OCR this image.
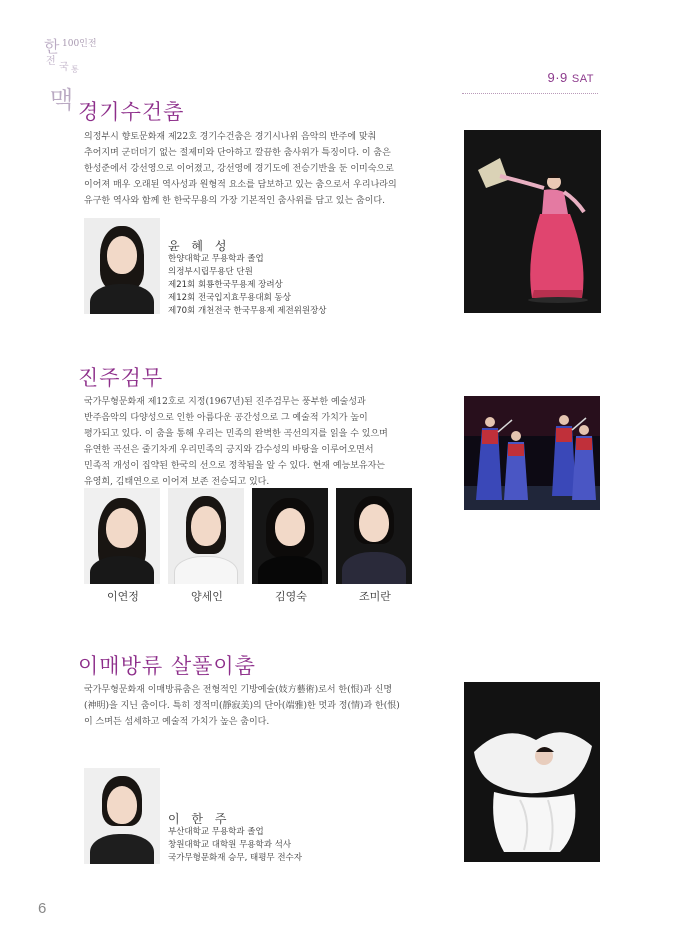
한 100인전
전
국 통
맥
9·9 SAT
경기수건춤
의정부시 향토문화재 제22호 경기수건춤은 경기시나위 음악의 반주에 맞춰
추어지며 군더더기 없는 절제미와 단아하고 깔끔한 춤사위가 특징이다. 이 춤은
한성준에서 강선영으로 이어졌고, 강선영에 경기도에 전승기반을 둔 이미숙으로
이어져 매우 오래된 역사성과 원형적 요소를 담보하고 있는 춤으로서 우리나라의
유구한 역사와 함께 한 한국무용의 가장 기본적인 춤사위를 담고 있는 춤이다.
윤 혜 성
한양대학교 무용학과 졸업
의정부시립무용단 단원
제21회 회룡한국무용제 장려상
제12회 전국입지효무용대회 동상
제70회 개천전국 한국무용제 제전위원장상
진주검무
국가무형문화재 제12호로 지정(1967년)된 진주검무는 풍부한 예술성과
반주음악의 다양성으로 인한 아름다운 공간성으로 그 예술적 가치가 높이
평가되고 있다. 이 춤을 통해 우리는 민족의 완벽한 곡선의지를 읽을 수 있으며
유연한 곡선은 줄기차게 우리민족의 긍지와 감수성의 바탕을 이루어오면서
민족적 개성이 집약된 한국의 선으로 정착됨을 알 수 있다. 현재 예능보유자는
유영희, 김태연으로 이어져 보존 전승되고 있다.
이연정	양세인	김영숙	조미란
이매방류 살풀이춤
국가무형문화재 이매방류춤은 전형적인 기방예술(妓方藝術)로서 한(恨)과 신명
(神明)을 지닌 춤이다. 특히 정적미(靜寂美)의 단아(端雅)한 멋과 정(情)과 한(恨)
이 스며든 섬세하고 예술적 가치가 높은 춤이다.
이 한 주
부산대학교 무용학과 졸업
창원대학교 대학원 무용학과 석사
국가무형문화재 승무, 태평무 전수자
6
